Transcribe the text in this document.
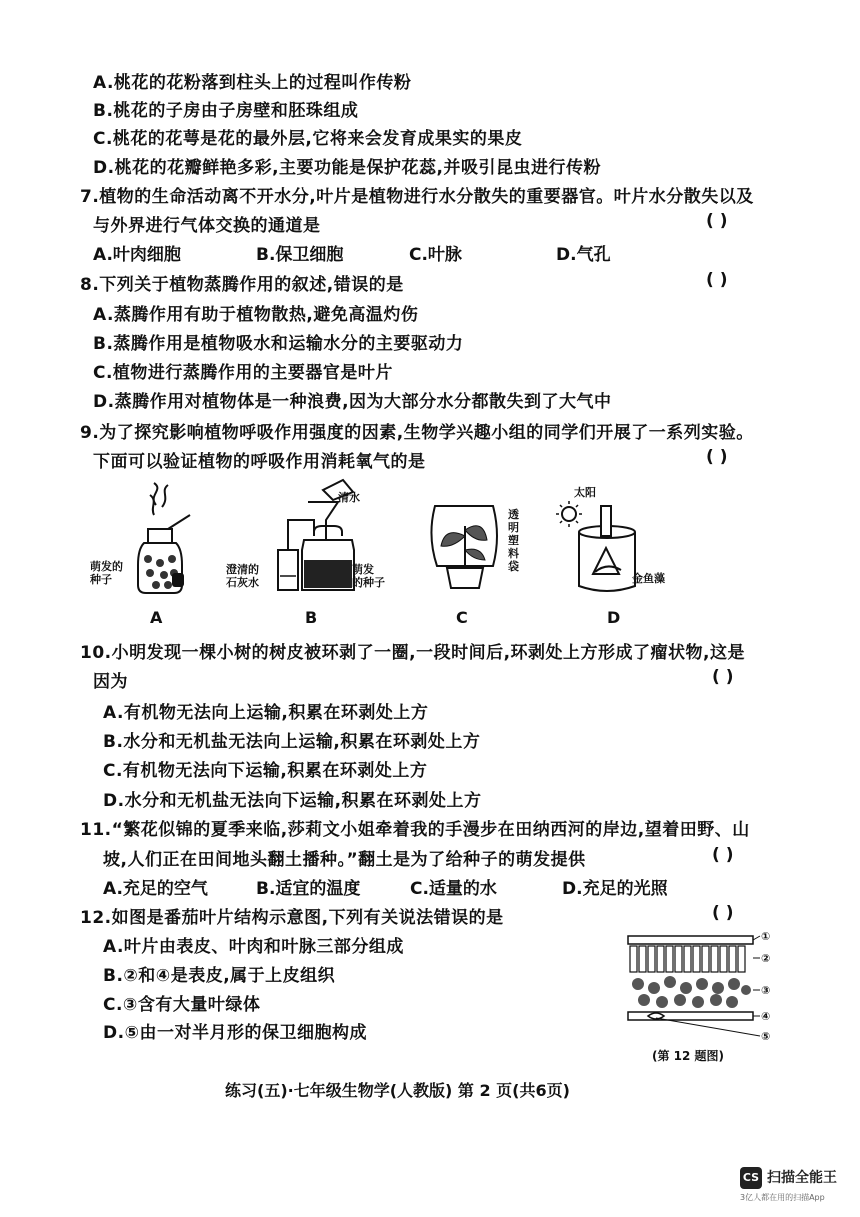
A.桃花的花粉落到柱头上的过程叫作传粉
B.桃花的子房由子房壁和胚珠组成
C.桃花的花萼是花的最外层,它将来会发育成果实的果皮
D.桃花的花瓣鲜艳多彩,主要功能是保护花蕊,并吸引昆虫进行传粉
7.植物的生命活动离不开水分,叶片是植物进行水分散失的重要器官。叶片水分散失以及
与外界进行气体交换的通道是	( )
A.叶肉细胞	B.保卫细胞	C.叶脉	D.气孔
8.下列关于植物蒸腾作用的叙述,错误的是	( )
A.蒸腾作用有助于植物散热,避免高温灼伤
B.蒸腾作用是植物吸水和运输水分的主要驱动力
C.植物进行蒸腾作用的主要器官是叶片
D.蒸腾作用对植物体是一种浪费,因为大部分水分都散失到了大气中
9.为了探究影响植物呼吸作用强度的因素,生物学兴趣小组的同学们开展了一系列实验。
下面可以验证植物的呼吸作用消耗氧气的是	( )
萌发的
种子
清水
澄清的
石灰水
萌发
的种子
透
明
塑
料
袋
太阳
金鱼藻
A	B	C	D
10.小明发现一棵小树的树皮被环剥了一圈,一段时间后,环剥处上方形成了瘤状物,这是
因为	( )
A.有机物无法向上运输,积累在环剥处上方
B.水分和无机盐无法向上运输,积累在环剥处上方
C.有机物无法向下运输,积累在环剥处上方
D.水分和无机盐无法向下运输,积累在环剥处上方
11.“繁花似锦的夏季来临,莎莉文小姐牵着我的手漫步在田纳西河的岸边,望着田野、山
坡,人们正在田间地头翻土播种。”翻土是为了给种子的萌发提供	( )
A.充足的空气	B.适宜的温度	C.适量的水	D.充足的光照
12.如图是番茄叶片结构示意图,下列有关说法错误的是	( )
A.叶片由表皮、叶肉和叶脉三部分组成
B.②和④是表皮,属于上皮组织
C.③含有大量叶绿体
D.⑤由一对半月形的保卫细胞构成
①
②
③
④
⑤
(第 12 题图)
练习(五)·七年级生物学(人教版) 第 2 页(共6页)
CS 扫描全能王
3亿人都在用的扫描App
